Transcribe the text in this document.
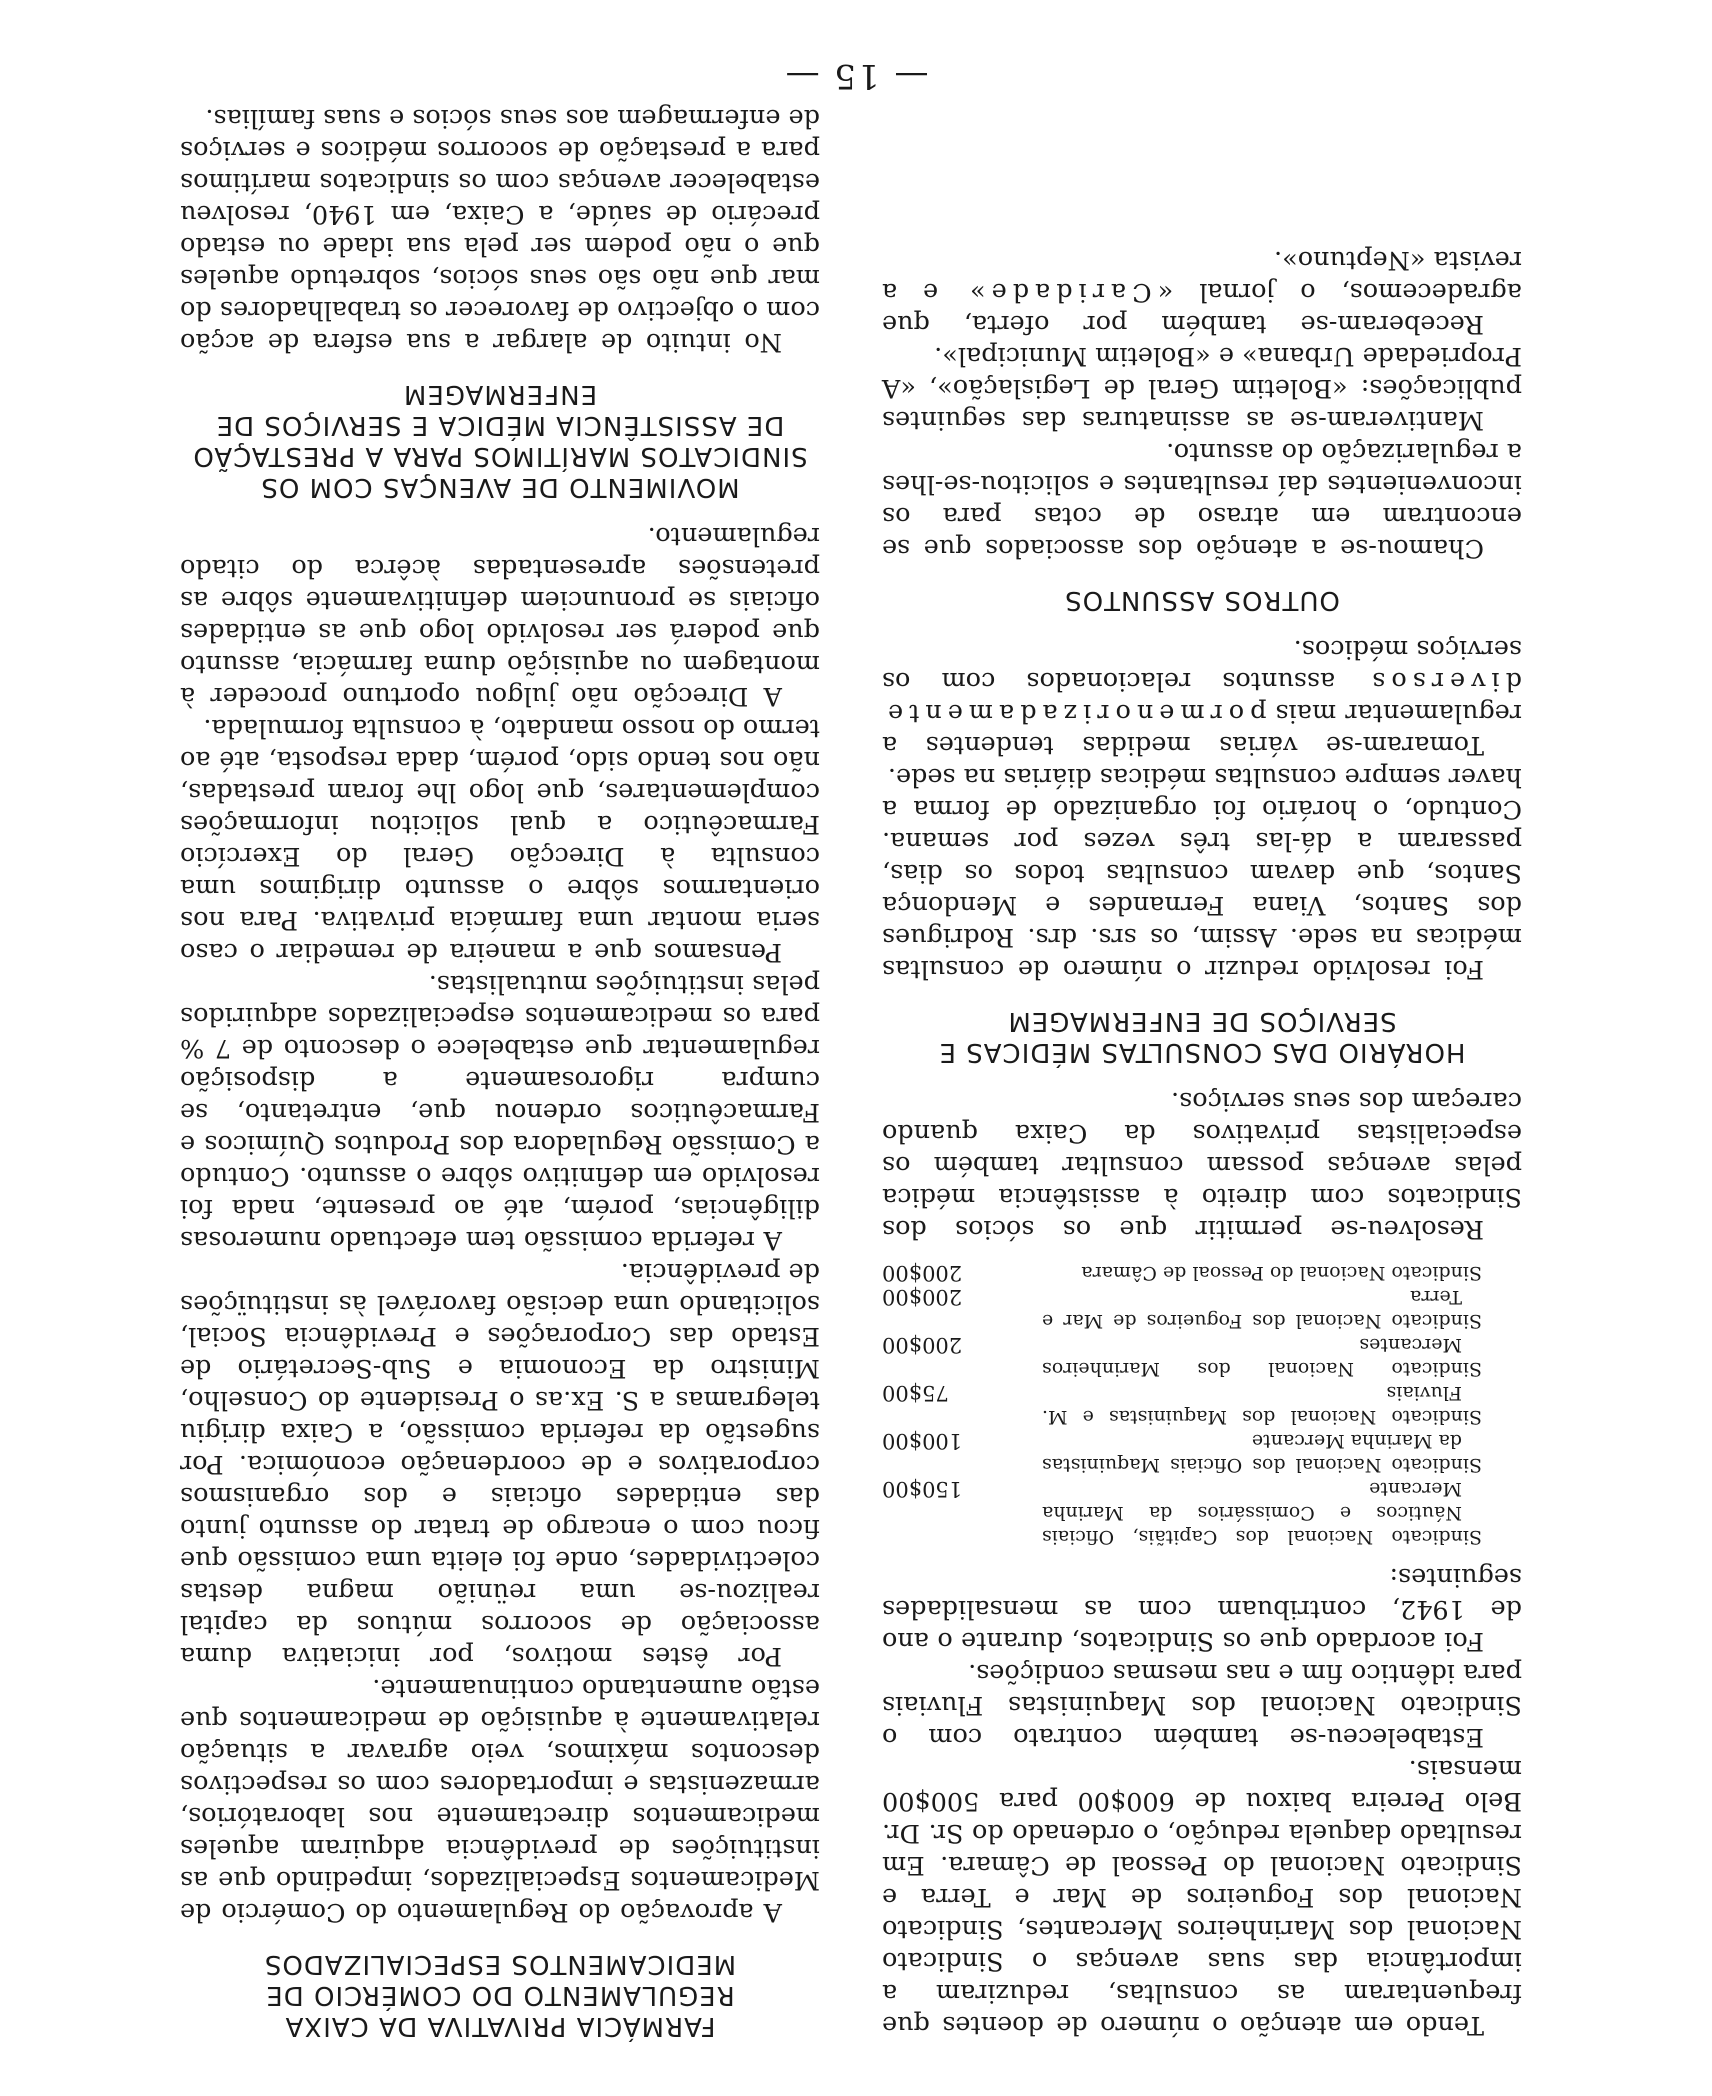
— 15 —

Tendo em atenção o número de doentes que frequentaram as consultas, reduziram a importância das suas avenças o Sindicato Nacional dos Marinheiros Mercantes, Sindicato Nacional dos Fogueiros de Mar e Terra e Sindicato Nacional do Pessoal de Câmara. Em resultado daquela redução, o ordenado do Sr. Dr. Belo Pereira baixou de 600$00 para 500$00 mensais.

Estabeleceu-se também contrato com o Sindicato Nacional dos Maquinistas Fluviais para idêntico fim e nas mesmas condições.

Foi acordado que os Sindicatos, durante o ano de 1942, contribuam com as mensalidades seguintes:

Sindicato Nacional dos Capitãis, Oficiais Náuticos e Comissários da Marinha Mercante
150$00
Sindicato Nacional dos Oficiais Maquinistas da Marinha Mercante
100$00
Sindicato Nacional dos Maquinistas e M. Fluviais
75$00
Sindicato Nacional dos Marinheiros Mercantes
200$00
Sindicato Nacional dos Fogueiros de Mar e Terra
200$00
Sindicato Nacional do Pessoal de Câmara
200$00

Resolveu-se permitir que os sócios dos Sindicatos com direito à assistência médica pelas avenças possam consultar também os especialistas privativos da Caixa quando careçam dos seus serviços.

HORÁRIO DAS CONSULTAS MÉDICAS E SERVIÇOS DE ENFERMAGEM

Foi resolvido reduzir o número de consultas médicas na sede. Assim, os srs. drs. Rodrigues dos Santos, Viana Fernandes e Mendonça Santos, que davam consultas todos os dias, passaram a dá-las três vezes por semana. Contudo, o horário foi organizado de forma a haver sempre consultas médicas diárias na sede.

Tomaram-se várias medidas tendentes a regulamentar mais pormenorizadamente diversos assuntos relacionados com os serviços médicos.

OUTROS ASSUNTOS

Chamou-se a atenção dos associados que se encontram em atraso de cotas para os inconvenientes daí resultantes e solicitou-se-lhes a regularização do assunto.

Mantiveram-se as assinaturas das seguintes publicações: «Boletim Geral de Legislação», «A Propriedade Urbana» e «Boletim Municipal».

Receberam-se também por oferta, que agradecemos, o jornal «Caridade» e a revista «Neptuno».

FARMÁCIA PRIVATIVA DA CAIXA REGULAMENTO DO COMÉRCIO DE MEDICAMENTOS ESPECIALIZADOS

A aprovação do Regulamento do Comércio de Medicamentos Especializados, impedindo que as instituições de previdência adquiram aqueles medicamentos directamente nos laboratórios, armazenistas e importadores com os respectivos descontos máximos, veio agravar a situação relativamente à aquisição de medicamentos que estão aumentando continuamente.

Por êstes motivos, por iniciativa duma associação de socorros mútuos da capital realizou-se uma reünião magna destas colectividades, onde foi eleita uma comissão que ficou com o encargo de tratar do assunto junto das entidades oficiais e dos organismos corporativos e de coordenação económica. Por sugestão da referida comissão, a Caixa dirigiu telegramas a S. Ex.as o Presidente do Conselho, Ministro da Economia e Sub-Secretário de Estado das Corporações e Previdência Social, solicitando uma decisão favorável às instituïções de previdência.

A referida comissão tem efectuado numerosas diligências, porém, até ao presente, nada foi resolvido em definitivo sôbre o assunto. Contudo a Comissão Reguladora dos Produtos Químicos e Farmacêuticos ordenou que, entretanto, se cumpra rigorosamente a disposição regulamentar que estabelece o desconto de 7 % para os medicamentos especializados adquiridos pelas instituições mutualistas.

Pensamos que a maneira de remediar o caso seria montar uma farmácia privativa. Para nos orientarmos sôbre o assunto dirigimos uma consulta à Direcção Geral do Exercício Farmacêutico a qual solicitou informações complementares, que logo lhe foram prestadas, não nos tendo sido, porém, dada resposta, até ao termo do nosso mandato, à consulta formulada.

A Direcção não julgou oportuno proceder à montagem ou aquisição duma farmácia, assunto que poderá ser resolvido logo que as entidades oficiais se pronunciem definitivamente sôbre as pretensões apresentadas àcêrca do citado regulamento.

MOVIMENTO DE AVENÇAS COM OS SINDICATOS MARÍTIMOS PARA A PRESTAÇÃO DE ASSISTÊNCIA MÉDICA E SERVIÇOS DE ENFERMAGEM

No intuito de alargar a sua esfera de acção com o objectivo de favorecer os trabalhadores do mar que não são seus sócios, sobretudo aqueles que o não podem ser pela sua idade ou estado precário de saúde, a Caixa, em 1940, resolveu estabelecer avenças com os sindicatos marítimos para a prestação de socorros médicos e serviços de enfermagem aos seus sócios e suas famílias.
